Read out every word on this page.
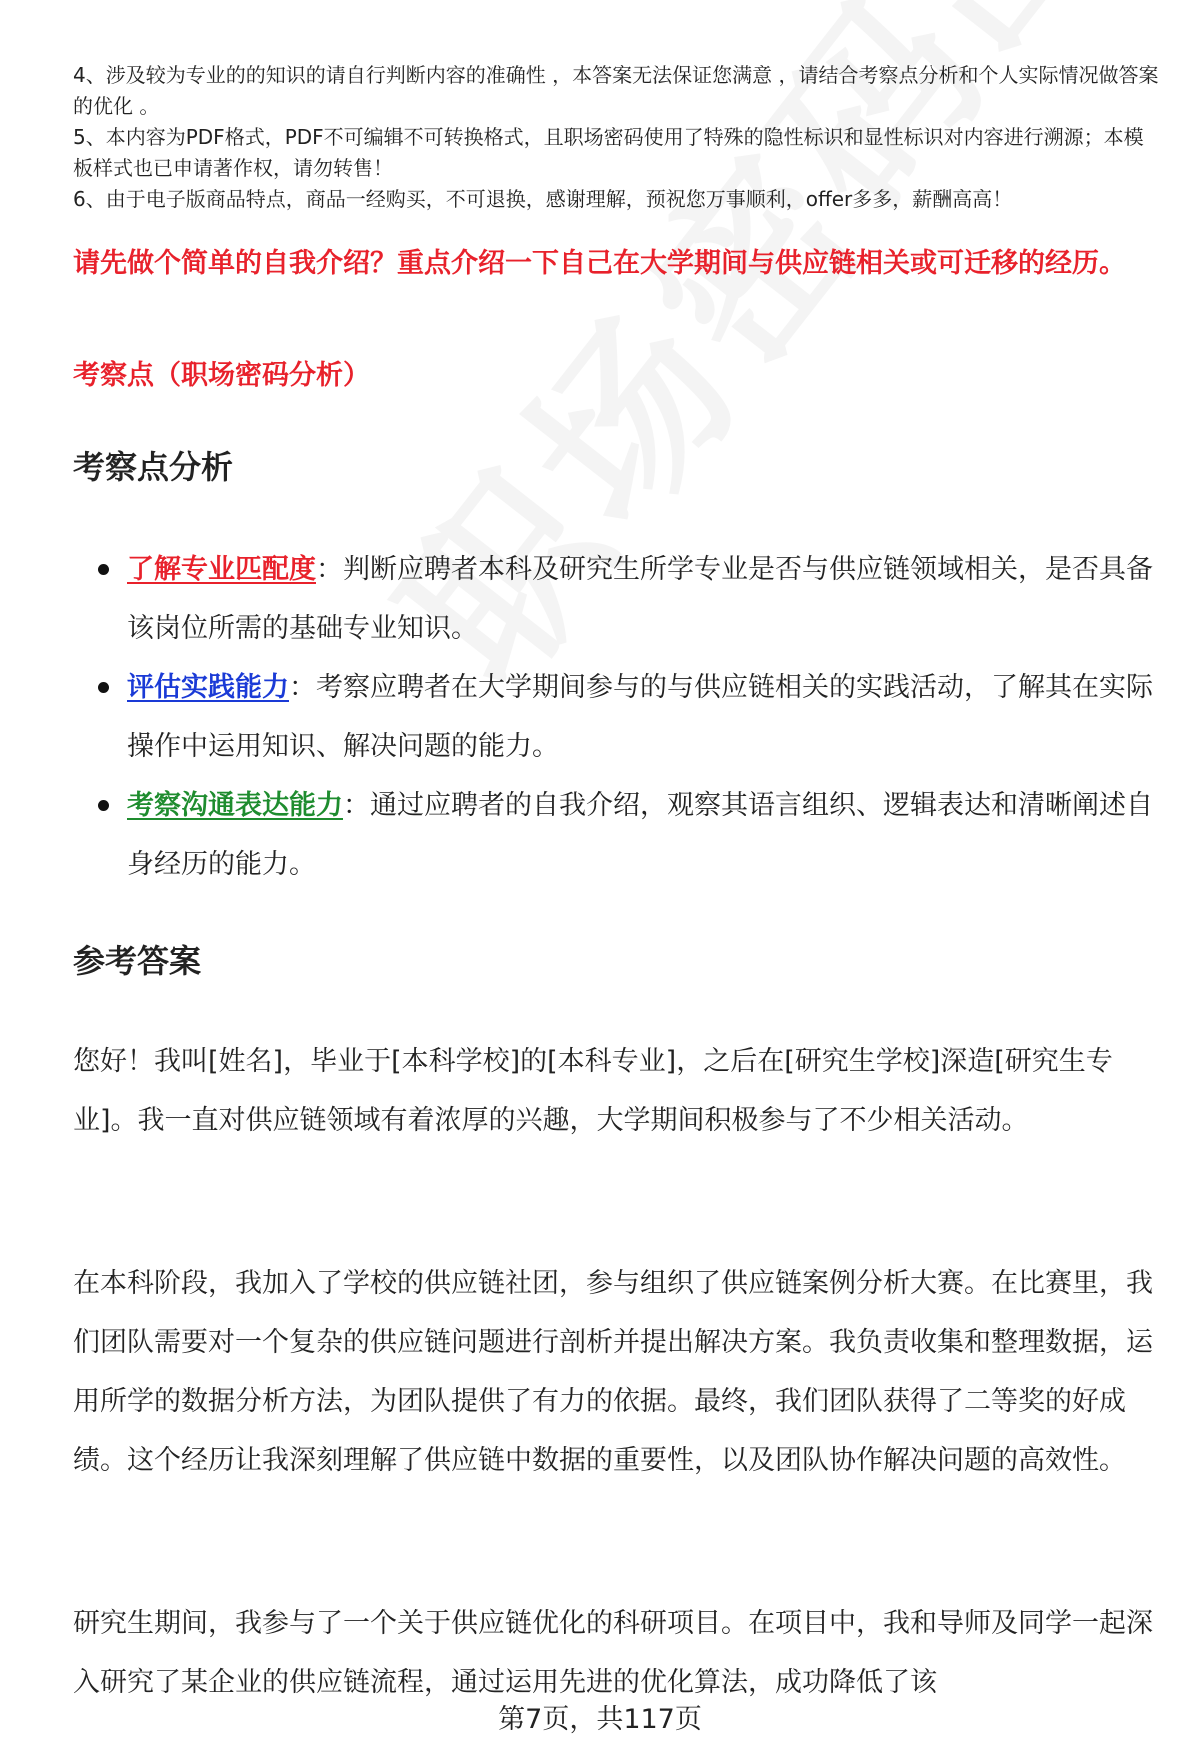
4、涉及较为专业的的知识的请自行判断内容的准确性 ，本答案无法保证您满意 ，请结合考察点分析和个人实际情况做答案的优化 。

5、本内容为PDF格式，PDF不可编辑不可转换格式，且职场密码使用了特殊的隐性标识和显性标识对内容进行溯源；本模板样式也已申请著作权，请勿转售！

6、由于电子版商品特点，商品一经购买，不可退换，感谢理解，预祝您万事顺利，offer多多，薪酬高高！

请先做个简单的自我介绍？重点介绍一下自己在大学期间与供应链相关或可迁移的经历。

考察点（职场密码分析）

考察点分析
了解专业匹配度：判断应聘者本科及研究生所学专业是否与供应链领域相关，是否具备该岗位所需的基础专业知识。
评估实践能力：考察应聘者在大学期间参与的与供应链相关的实践活动，了解其在实际操作中运用知识、解决问题的能力。
考察沟通表达能力：通过应聘者的自我介绍，观察其语言组织、逻辑表达和清晰阐述自身经历的能力。
参考答案

您好！我叫[姓名]，毕业于[本科学校]的[本科专业]，之后在[研究生学校]深造[研究生专业]。我一直对供应链领域有着浓厚的兴趣，大学期间积极参与了不少相关活动。

在本科阶段，我加入了学校的供应链社团，参与组织了供应链案例分析大赛。在比赛里，我们团队需要对一个复杂的供应链问题进行剖析并提出解决方案。我负责收集和整理数据，运用所学的数据分析方法，为团队提供了有力的依据。最终，我们团队获得了二等奖的好成绩。这个经历让我深刻理解了供应链中数据的重要性，以及团队协作解决问题的高效性。

研究生期间，我参与了一个关于供应链优化的科研项目。在项目中，我和导师及同学一起深入研究了某企业的供应链流程，通过运用先进的优化算法，成功降低了该

第7页，共117页
